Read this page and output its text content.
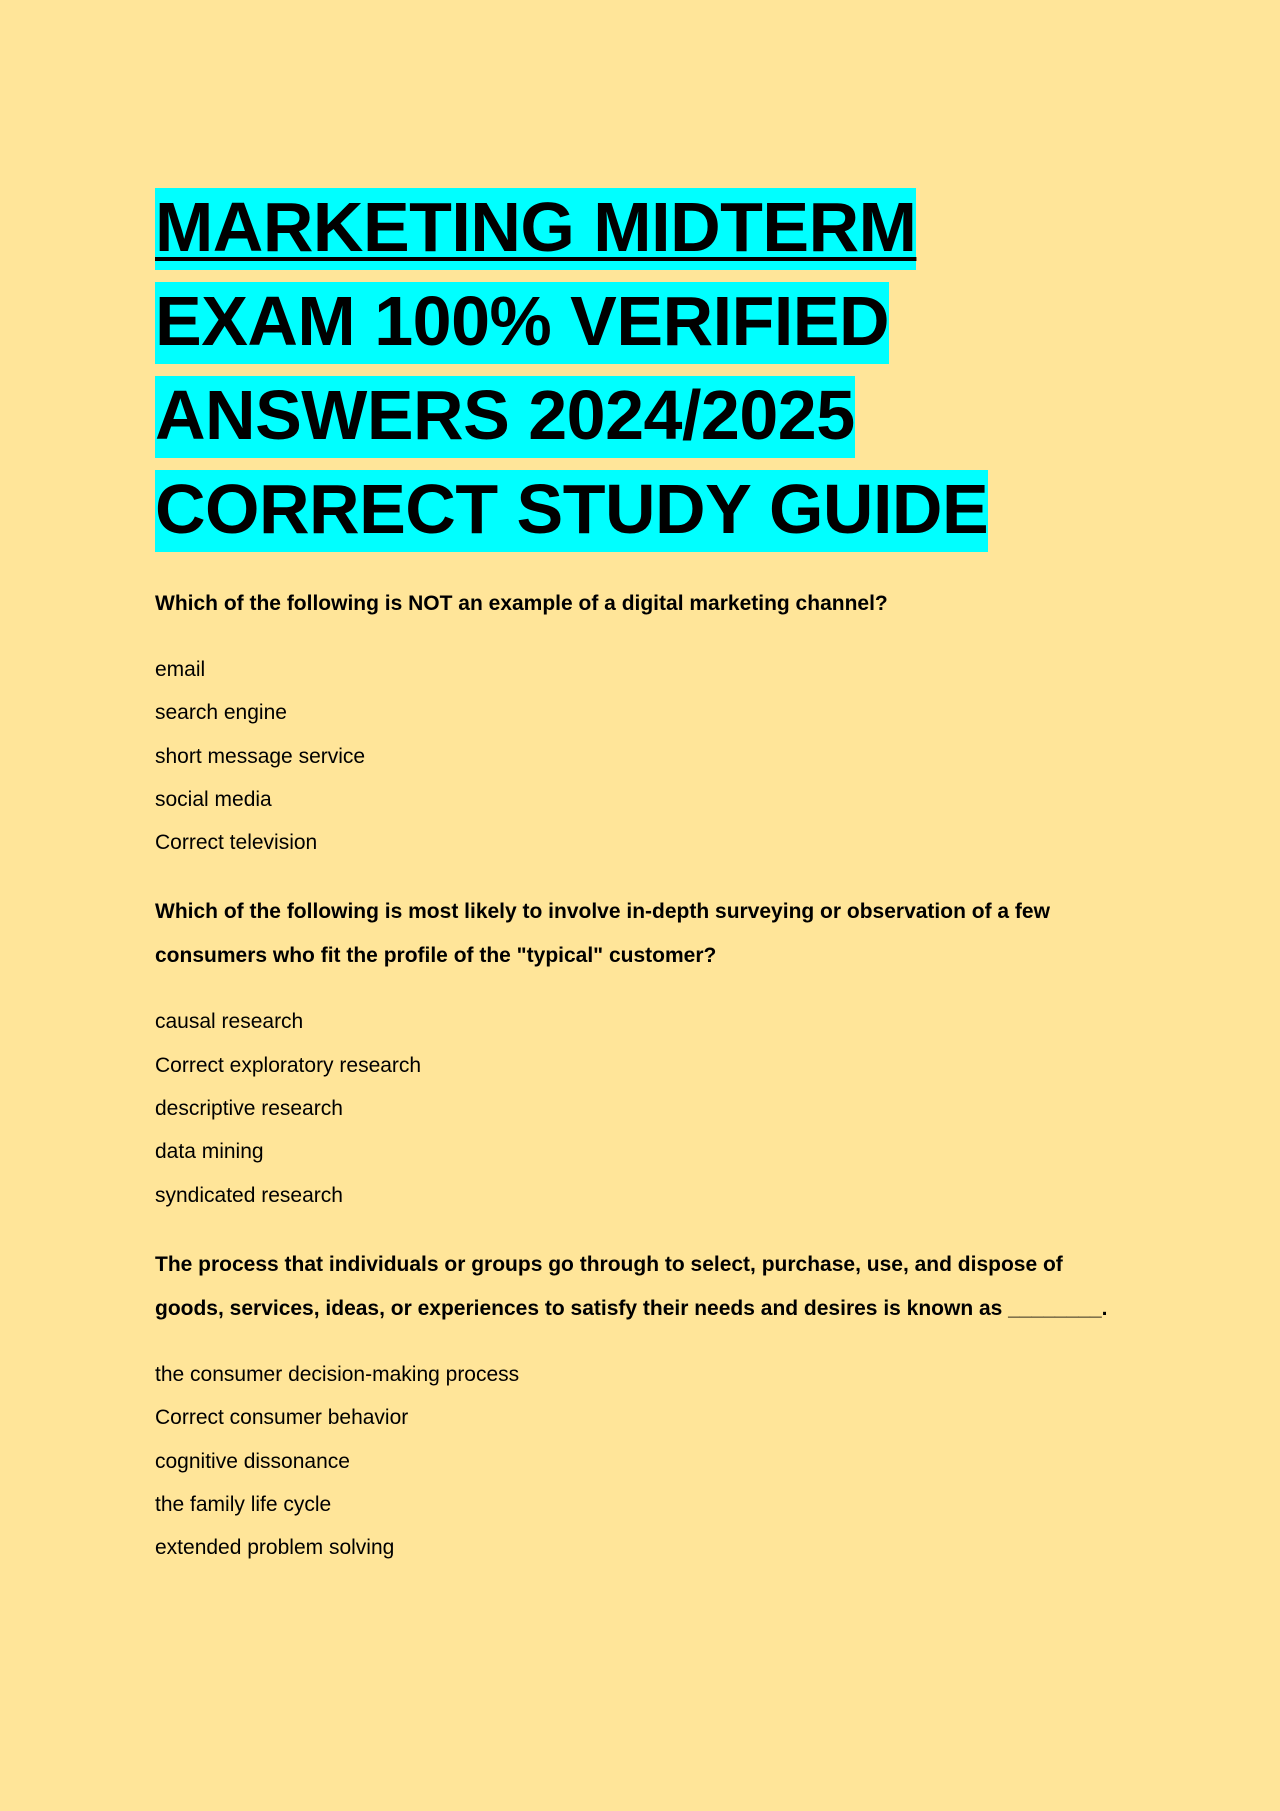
MARKETING MIDTERM EXAM 100% VERIFIED ANSWERS 2024/2025 CORRECT STUDY GUIDE
Which of the following is NOT an example of a digital marketing channel?
email
search engine
short message service
social media
Correct television
Which of the following is most likely to involve in-depth surveying or observation of a few consumers who fit the profile of the "typical" customer?
causal research
Correct exploratory research
descriptive research
data mining
syndicated research
The process that individuals or groups go through to select, purchase, use, and dispose of goods, services, ideas, or experiences to satisfy their needs and desires is known as ________.
the consumer decision-making process
Correct consumer behavior
cognitive dissonance
the family life cycle
extended problem solving
